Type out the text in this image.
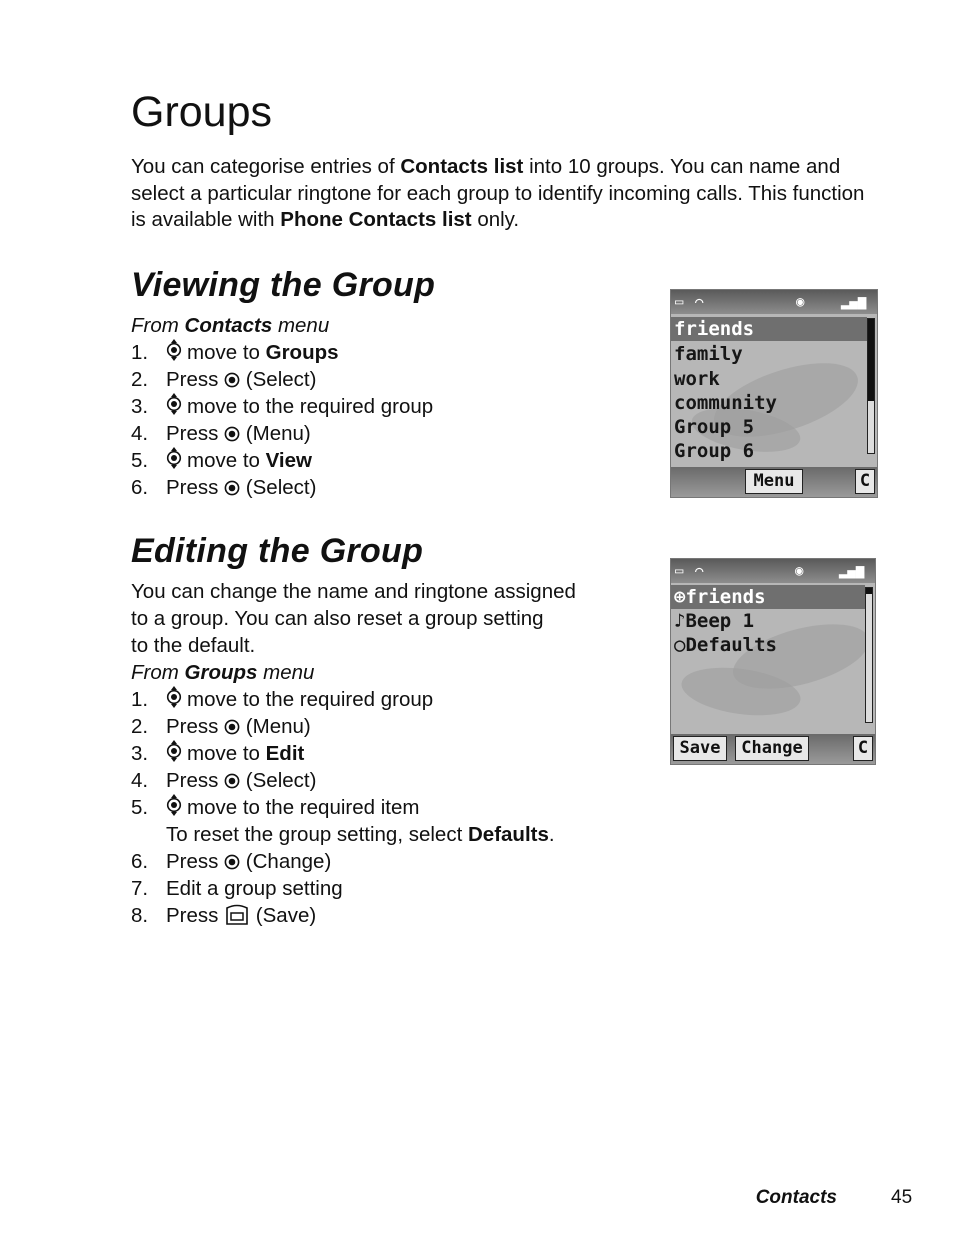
Groups

You can categorise entries of Contacts list into 10 groups. You can name and select a particular ringtone for each group to identify incoming calls. This function is available with Phone Contacts list only.

Viewing the Group
From Contacts menu
1. move to Groups
2. Press  (Select)
3. move to the required group
4. Press  (Menu)
5. move to View
6. Press  (Select)
▭ ⌒	◉	▂▄▆
friends
family
work
community
Group 5
Group 6
Menu	C
Editing the Group

You can change the name and ringtone assigned

to a group. You can also reset a group setting

to the default.

From Groups menu
1. move to the required group
2. Press  (Menu)
3. move to Edit
4. Press  (Select)
5. move to the required item
To reset the group setting, select Defaults.
6. Press  (Change)
7. Edit a group setting
8. Press  (Save)
▭ ⌒	◉	▂▄▆
⊕friends
♪Beep 1
○Defaults
Save	Change	C
Contacts	45
